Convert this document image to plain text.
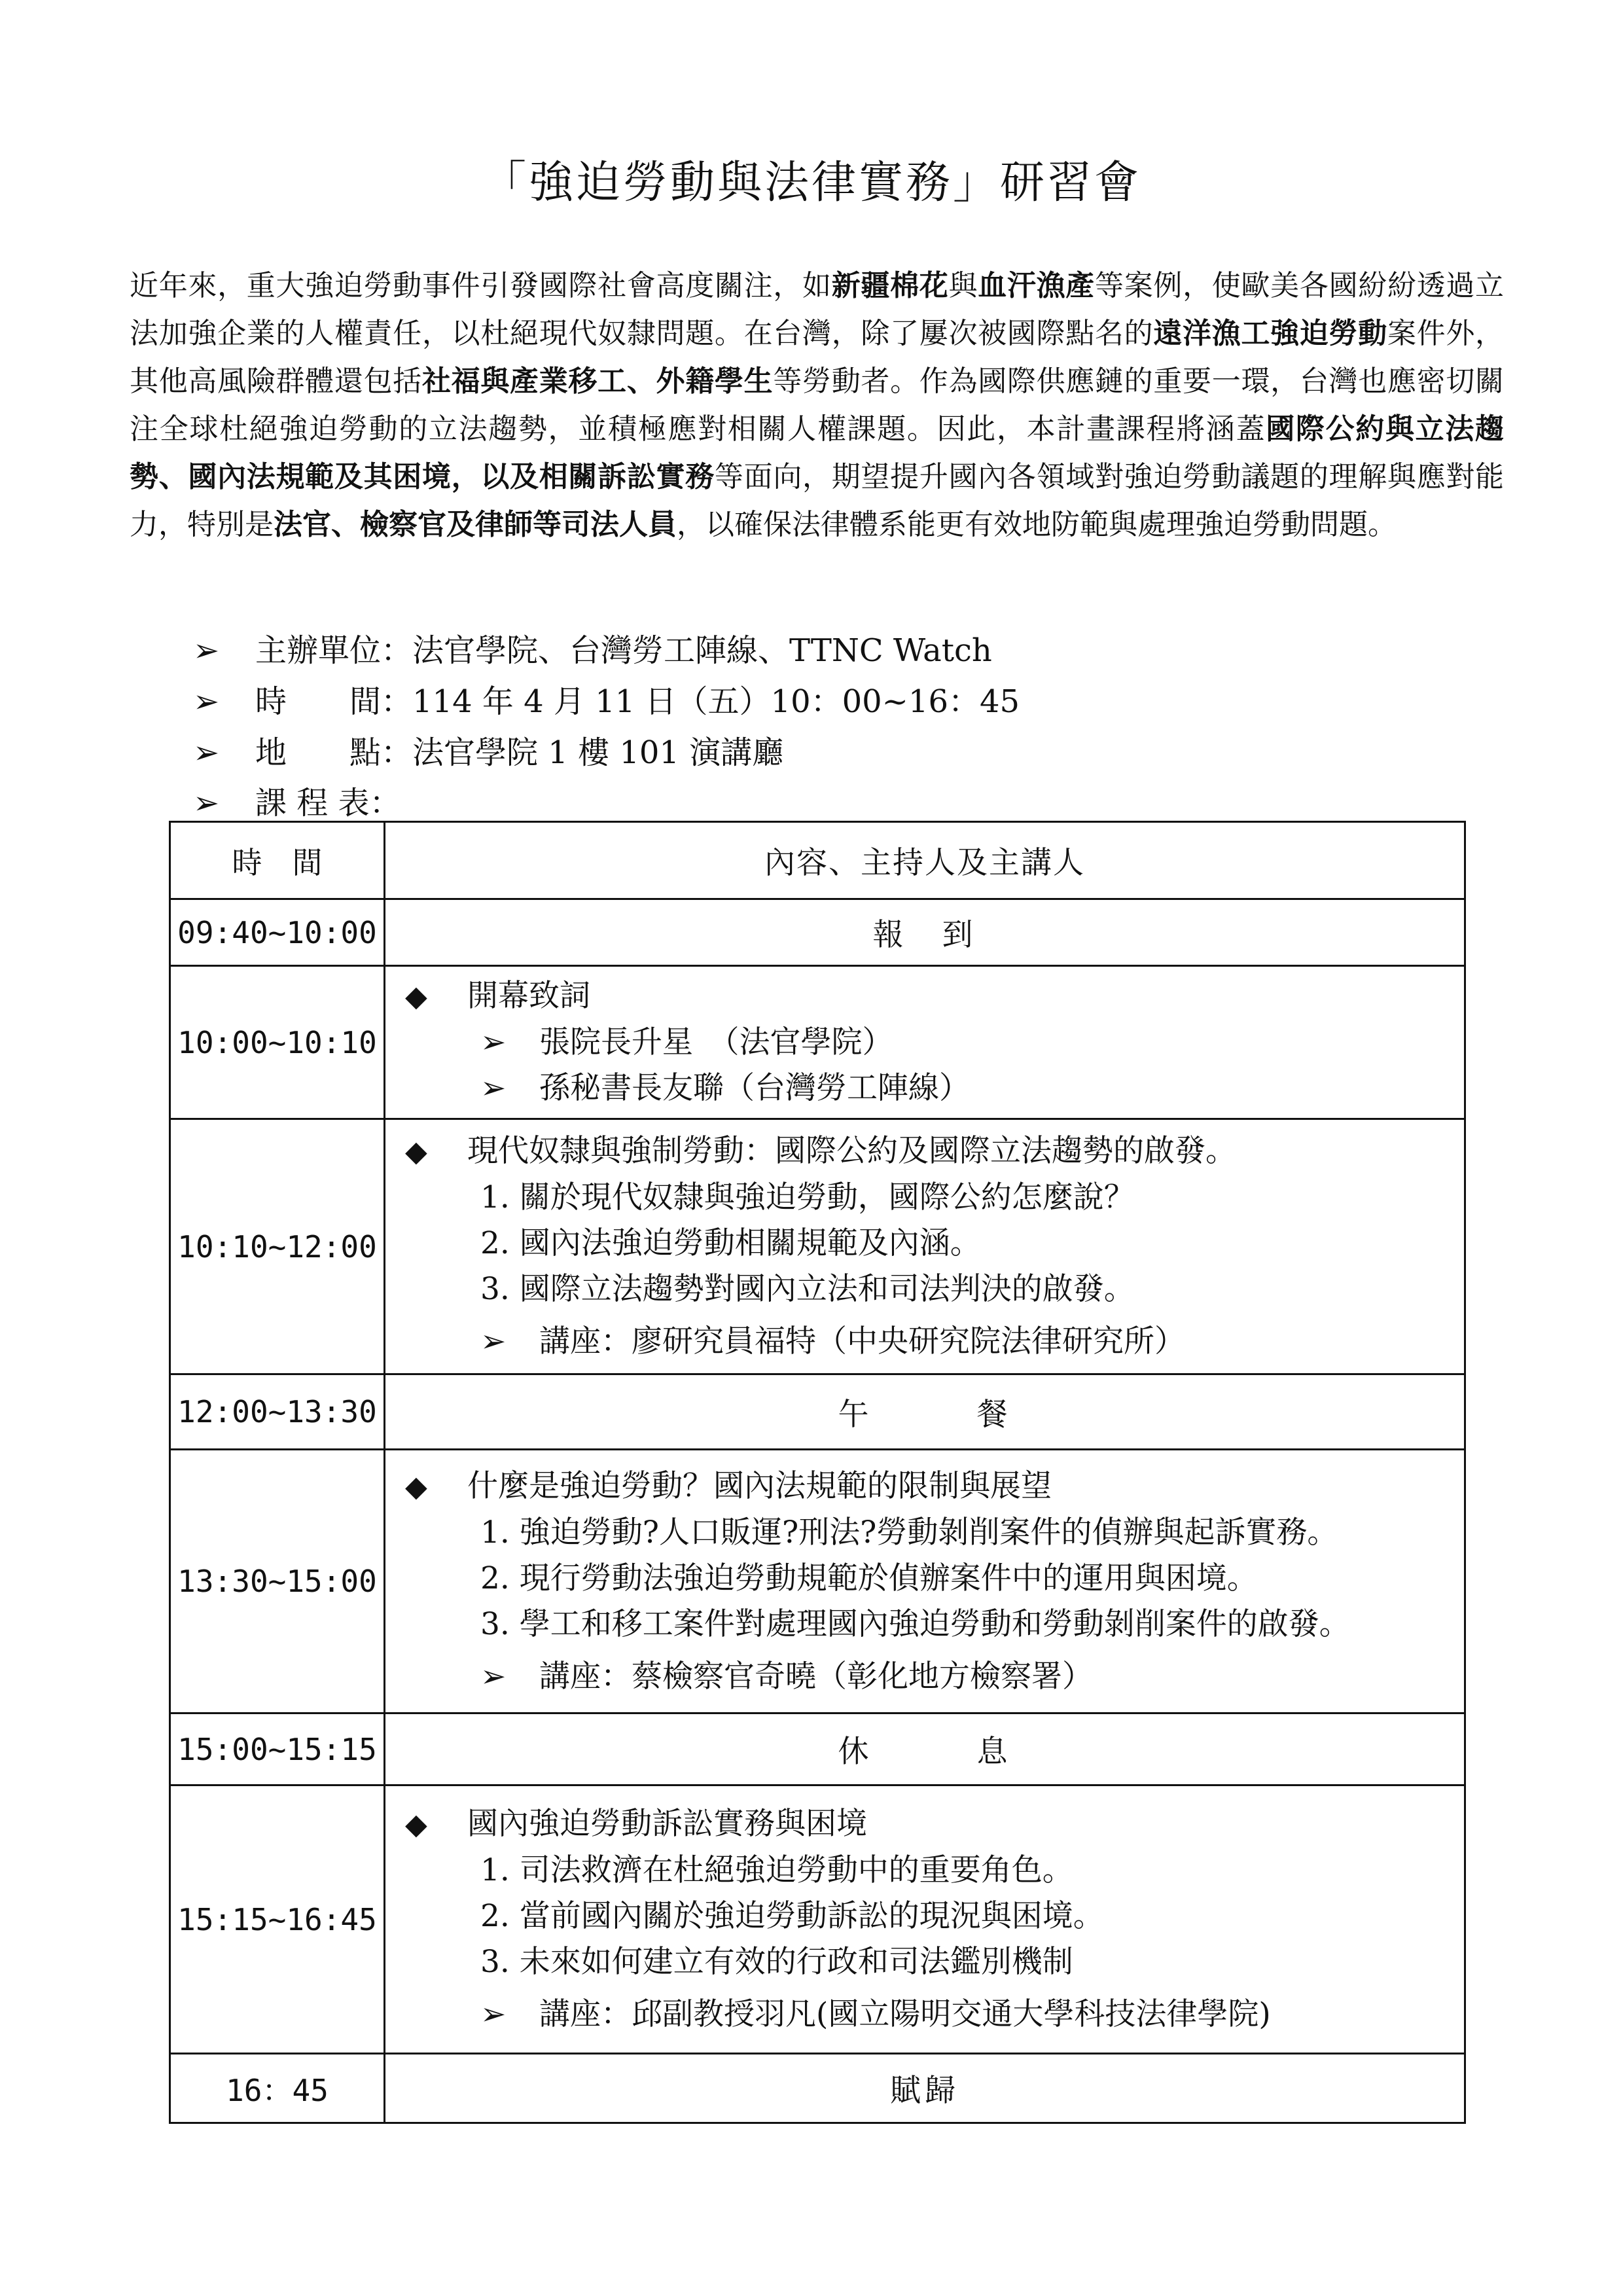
「強迫勞動與法律實務」研習會
近年來，重大強迫勞動事件引發國際社會高度關注，如新疆棉花與血汗漁產等案例，使歐美各國紛紛透過立法加強企業的人權責任，以杜絕現代奴隸問題。在台灣，除了屢次被國際點名的遠洋漁工強迫勞動案件外，其他高風險群體還包括社福與產業移工、外籍學生等勞動者。作為國際供應鏈的重要一環，台灣也應密切關注全球杜絕強迫勞動的立法趨勢，並積極應對相關人權課題。因此，本計畫課程將涵蓋國際公約與立法趨勢、國內法規範及其困境，以及相關訴訟實務等面向，期望提升國內各領域對強迫勞動議題的理解與應對能力，特別是法官、檢察官及律師等司法人員，以確保法律體系能更有效地防範與處理強迫勞動問題。
➢ 主辦單位：法官學院、台灣勞工陣線、TTNC Watch
➢ 時　　間：114 年 4 月 11 日（五）10：00~16：45
➢ 地　　點：法官學院 1 樓 101 演講廳
➢ 課 程 表：
時　間	內容、主持人及主講人
09:40~10:00	報　到
10:00~10:10	◆ 開幕致詞
➢ 張院長升星　（法官學院）
➢ 孫秘書長友聯（台灣勞工陣線）

10:10~12:00	◆ 現代奴隸與強制勞動：國際公約及國際立法趨勢的啟發。
1. 關於現代奴隸與強迫勞動，國際公約怎麼說？
2. 國內法強迫勞動相關規範及內涵。
3. 國際立法趨勢對國內立法和司法判決的啟發。
➢ 講座：廖研究員福特（中央研究院法律研究所）

12:00~13:30	午　　　餐
13:30~15:00	◆ 什麼是強迫勞動？國內法規範的限制與展望
1. 強迫勞動?人口販運?刑法?勞動剝削案件的偵辦與起訴實務。
2. 現行勞動法強迫勞動規範於偵辦案件中的運用與困境。
3. 學工和移工案件對處理國內強迫勞動和勞動剝削案件的啟發。
➢ 講座：蔡檢察官奇曉（彰化地方檢察署）

15:00~15:15	休　　　息
15:15~16:45	◆ 國內強迫勞動訴訟實務與困境
1. 司法救濟在杜絕強迫勞動中的重要角色。
2. 當前國內關於強迫勞動訴訟的現況與困境。
3. 未來如何建立有效的行政和司法鑑別機制
➢ 講座：邱副教授羽凡(國立陽明交通大學科技法律學院)

16：45	賦歸
